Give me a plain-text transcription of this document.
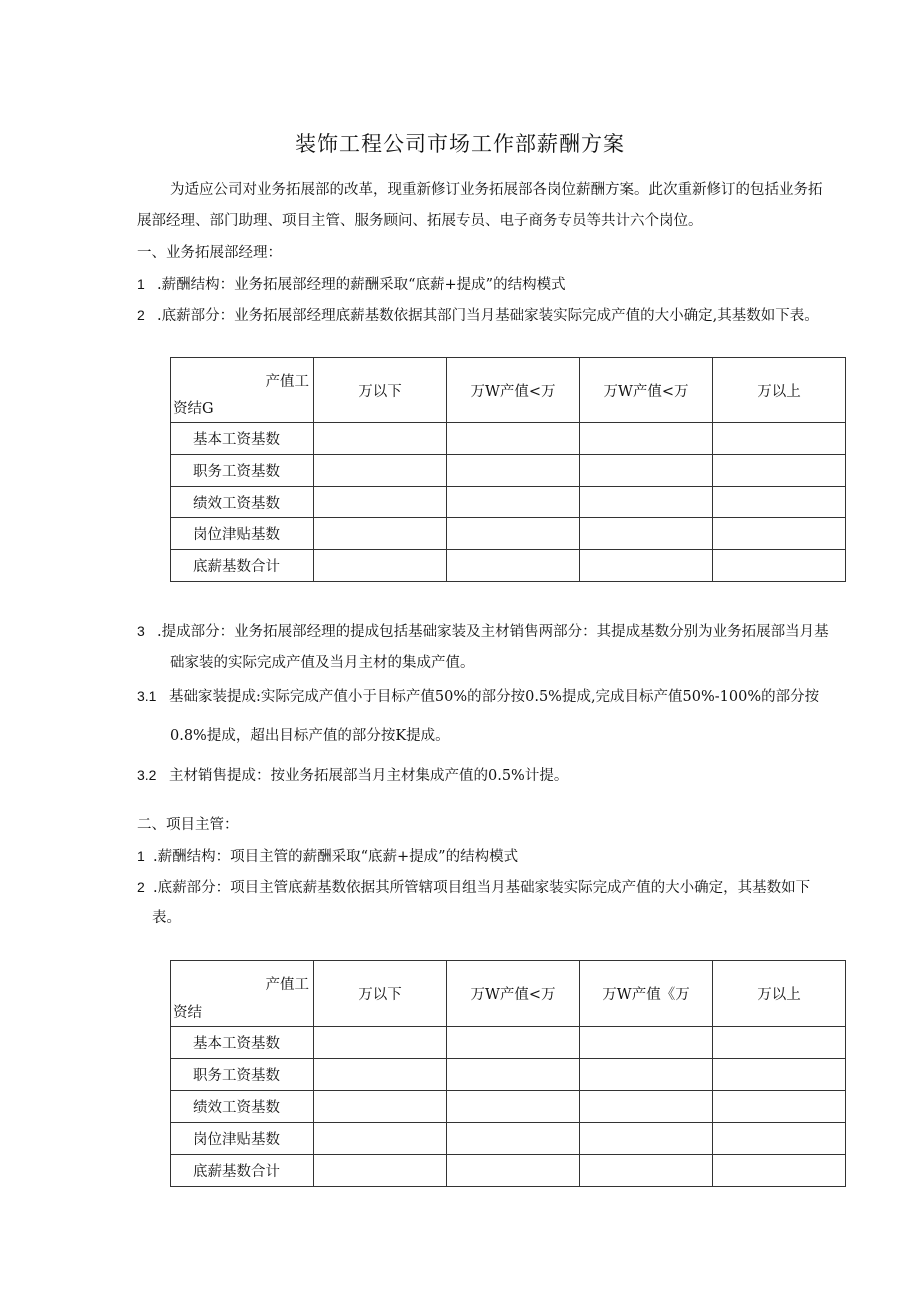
装饰工程公司市场工作部薪酬方案
为适应公司对业务拓展部的改革，现重新修订业务拓展部各岗位薪酬方案。此次重新修订的包括业务拓
展部经理、部门助理、项目主管、服务顾问、拓展专员、电子商务专员等共计六个岗位。
一、业务拓展部经理：
1 .薪酬结构：业务拓展部经理的薪酬采取“底薪+提成”的结构模式
2 .底薪部分：业务拓展部经理底薪基数依据其部门当月基础家装实际完成产值的大小确定,其基数如下表。
产值工
资结G	万以下	万W产值<万	万W产值<万	万以上
基本工资基数				
职务工资基数				
绩效工资基数				
岗位津贴基数				
底薪基数合计				
3 .提成部分：业务拓展部经理的提成包括基础家装及主材销售两部分：其提成基数分别为业务拓展部当月基
础家装的实际完成产值及当月主材的集成产值。
3.1 基础家装提成:实际完成产值小于目标产值50%的部分按0.5%提成,完成目标产值50%-100%的部分按
0.8%提成，超出目标产值的部分按K提成。
3.2 主材销售提成：按业务拓展部当月主材集成产值的0.5%计提。
二、项目主管：
1 .薪酬结构：项目主管的薪酬采取“底薪+提成”的结构模式
2 .底薪部分：项目主管底薪基数依据其所管辖项目组当月基础家装实际完成产值的大小确定，其基数如下
表。
产值工
资结	万以下	万W产值<万	万W产值《万	万以上
基本工资基数				
职务工资基数				
绩效工资基数				
岗位津贴基数				
底薪基数合计				
